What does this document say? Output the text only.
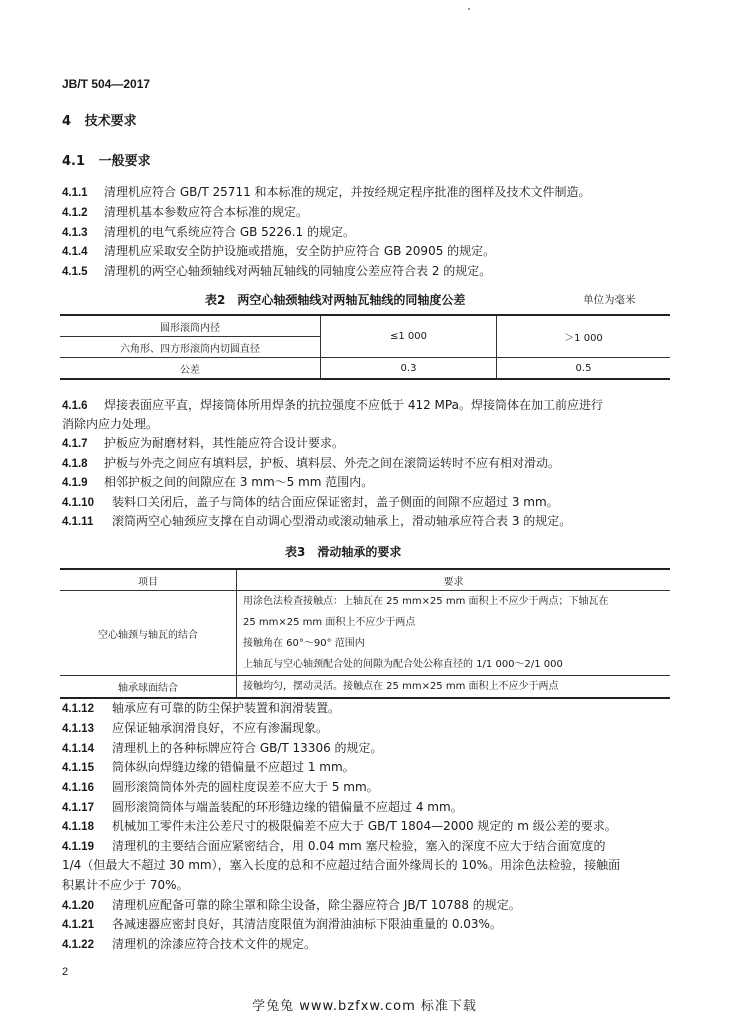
JB/T 504—2017
4 技术要求
4.1 一般要求
4.1.1 清理机应符合 GB/T 25711 和本标准的规定，并按经规定程序批准的图样及技术文件制造。
4.1.2 清理机基本参数应符合本标准的规定。
4.1.3 清理机的电气系统应符合 GB 5226.1 的规定。
4.1.4 清理机应采取安全防护设施或措施，安全防护应符合 GB 20905 的规定。
4.1.5 清理机的两空心轴颈轴线对两轴瓦轴线的同轴度公差应符合表 2 的规定。
表2　两空心轴颈轴线对两轴瓦轴线的同轴度公差	单位为毫米
圆形滚筒内径	≤1 000	＞1 000
六角形、四方形滚筒内切圆直径		
公差	0.3	0.5
4.1.6 焊接表面应平直，焊接筒体所用焊条的抗拉强度不应低于 412 MPa。焊接筒体在加工前应进行
消除内应力处理。
4.1.7 护板应为耐磨材料，其性能应符合设计要求。
4.1.8 护板与外壳之间应有填料层，护板、填料层、外壳之间在滚筒运转时不应有相对滑动。
4.1.9 相邻护板之间的间隙应在 3 mm～5 mm 范围内。
4.1.10 装料口关闭后，盖子与筒体的结合面应保证密封，盖子侧面的间隙不应超过 3 mm。
4.1.11 滚筒两空心轴颈应支撑在自动调心型滑动或滚动轴承上，滑动轴承应符合表 3 的规定。
表3　滑动轴承的要求
项目	要求
空心轴颈与轴瓦的结合	用涂色法检查接触点：上轴瓦在 25 mm×25 mm 面积上不应少于两点；下轴瓦在
25 mm×25 mm 面积上不应少于两点
接触角在 60°～90° 范围内
上轴瓦与空心轴颈配合处的间隙为配合处公称直径的 1/1 000～2/1 000

轴承球面结合	接触均匀，摆动灵活。接触点在 25 mm×25 mm 面积上不应少于两点
4.1.12 轴承应有可靠的防尘保护装置和润滑装置。
4.1.13 应保证轴承润滑良好，不应有渗漏现象。
4.1.14 清理机上的各种标牌应符合 GB/T 13306 的规定。
4.1.15 筒体纵向焊缝边缘的错偏量不应超过 1 mm。
4.1.16 圆形滚筒筒体外壳的圆柱度误差不应大于 5 mm。
4.1.17 圆形滚筒筒体与端盖装配的环形缝边缘的错偏量不应超过 4 mm。
4.1.18 机械加工零件未注公差尺寸的极限偏差不应大于 GB/T 1804—2000 规定的 m 级公差的要求。
4.1.19 清理机的主要结合面应紧密结合，用 0.04 mm 塞尺检验，塞入的深度不应大于结合面宽度的
1/4（但最大不超过 30 mm），塞入长度的总和不应超过结合面外缘周长的 10%。用涂色法检验，接触面
积累计不应少于 70%。
4.1.20 清理机应配备可靠的除尘罩和除尘设备，除尘器应符合 JB/T 10788 的规定。
4.1.21 各减速器应密封良好，其清洁度限值为润滑油油标下限油重量的 0.03%。
4.1.22 清理机的涂漆应符合技术文件的规定。
2
学兔兔 www.bzfxw.com 标准下载
